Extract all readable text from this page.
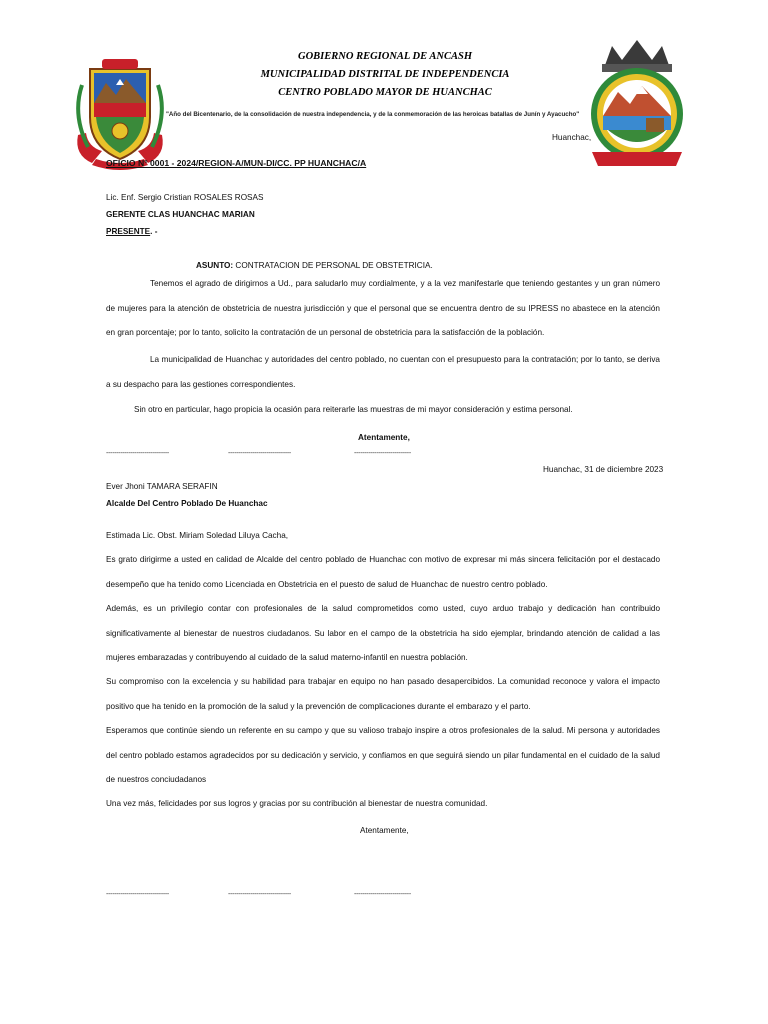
GOBIERNO REGIONAL DE ANCASH
MUNICIPALIDAD DISTRITAL DE INDEPENDENCIA
CENTRO POBLADO MAYOR DE HUANCHAC
"Año del Bicentenario, de la consolidación de nuestra independencia, y de la conmemoración de las heroicas batallas de Junín y Ayacucho"
Huanchac,
OFICIO N° 0001 - 2024/REGION-A/MUN-DI/CC. PP HUANCHAC/A
Lic. Enf. Sergio Cristian ROSALES ROSAS
GERENTE CLAS HUANCHAC MARIAN
PRESENTE. -
ASUNTO: CONTRATACION DE PERSONAL DE OBSTETRICIA.
Tenemos el agrado de dirigirnos a Ud., para saludarlo muy cordialmente, y a la vez manifestarle que teniendo gestantes y un gran número de mujeres para la atención de obstetricia de nuestra jurisdicción y que el personal que se encuentra dentro de su IPRESS no abastece en la atención en gran porcentaje; por lo tanto, solicito la contratación de un personal de obstetricia para la satisfacción de la población.
La municipalidad de Huanchac y autoridades del centro poblado, no cuentan con el presupuesto para la contratación; por lo tanto, se deriva a su despacho para las gestiones correspondientes.
Sin otro en particular, hago propicia la ocasión para reiterarle las muestras de mi mayor consideración y estima personal.
Atentamente,
-------------------------------	-------------------------------	----------------------------
Huanchac, 31 de diciembre 2023
Ever Jhoni TAMARA SERAFIN
Alcalde Del Centro Poblado De Huanchac
Estimada Lic. Obst. Miriam Soledad Liluya Cacha,
Es grato dirigirme a usted en calidad de Alcalde del centro poblado de Huanchac con motivo de expresar mi más sincera felicitación por el destacado desempeño que ha tenido como Licenciada en Obstetricia en el puesto de salud de Huanchac de nuestro centro poblado.
Además, es un privilegio contar con profesionales de la salud comprometidos como usted, cuyo arduo trabajo y dedicación han contribuido significativamente al bienestar de nuestros ciudadanos. Su labor en el campo de la obstetricia ha sido ejemplar, brindando atención de calidad a las mujeres embarazadas y contribuyendo al cuidado de la salud materno-infantil en nuestra población.
Su compromiso con la excelencia y su habilidad para trabajar en equipo no han pasado desapercibidos. La comunidad reconoce y valora el impacto positivo que ha tenido en la promoción de la salud y la prevención de complicaciones durante el embarazo y el parto.
Esperamos que continúe siendo un referente en su campo y que su valioso trabajo inspire a otros profesionales de la salud. Mi persona y autoridades del centro poblado estamos agradecidos por su dedicación y servicio, y confiamos en que seguirá siendo un pilar fundamental en el cuidado de la salud de nuestros conciudadanos
Una vez más, felicidades por sus logros y gracias por su contribución al bienestar de nuestra comunidad.
Atentamente,
-------------------------------	-------------------------------	----------------------------
